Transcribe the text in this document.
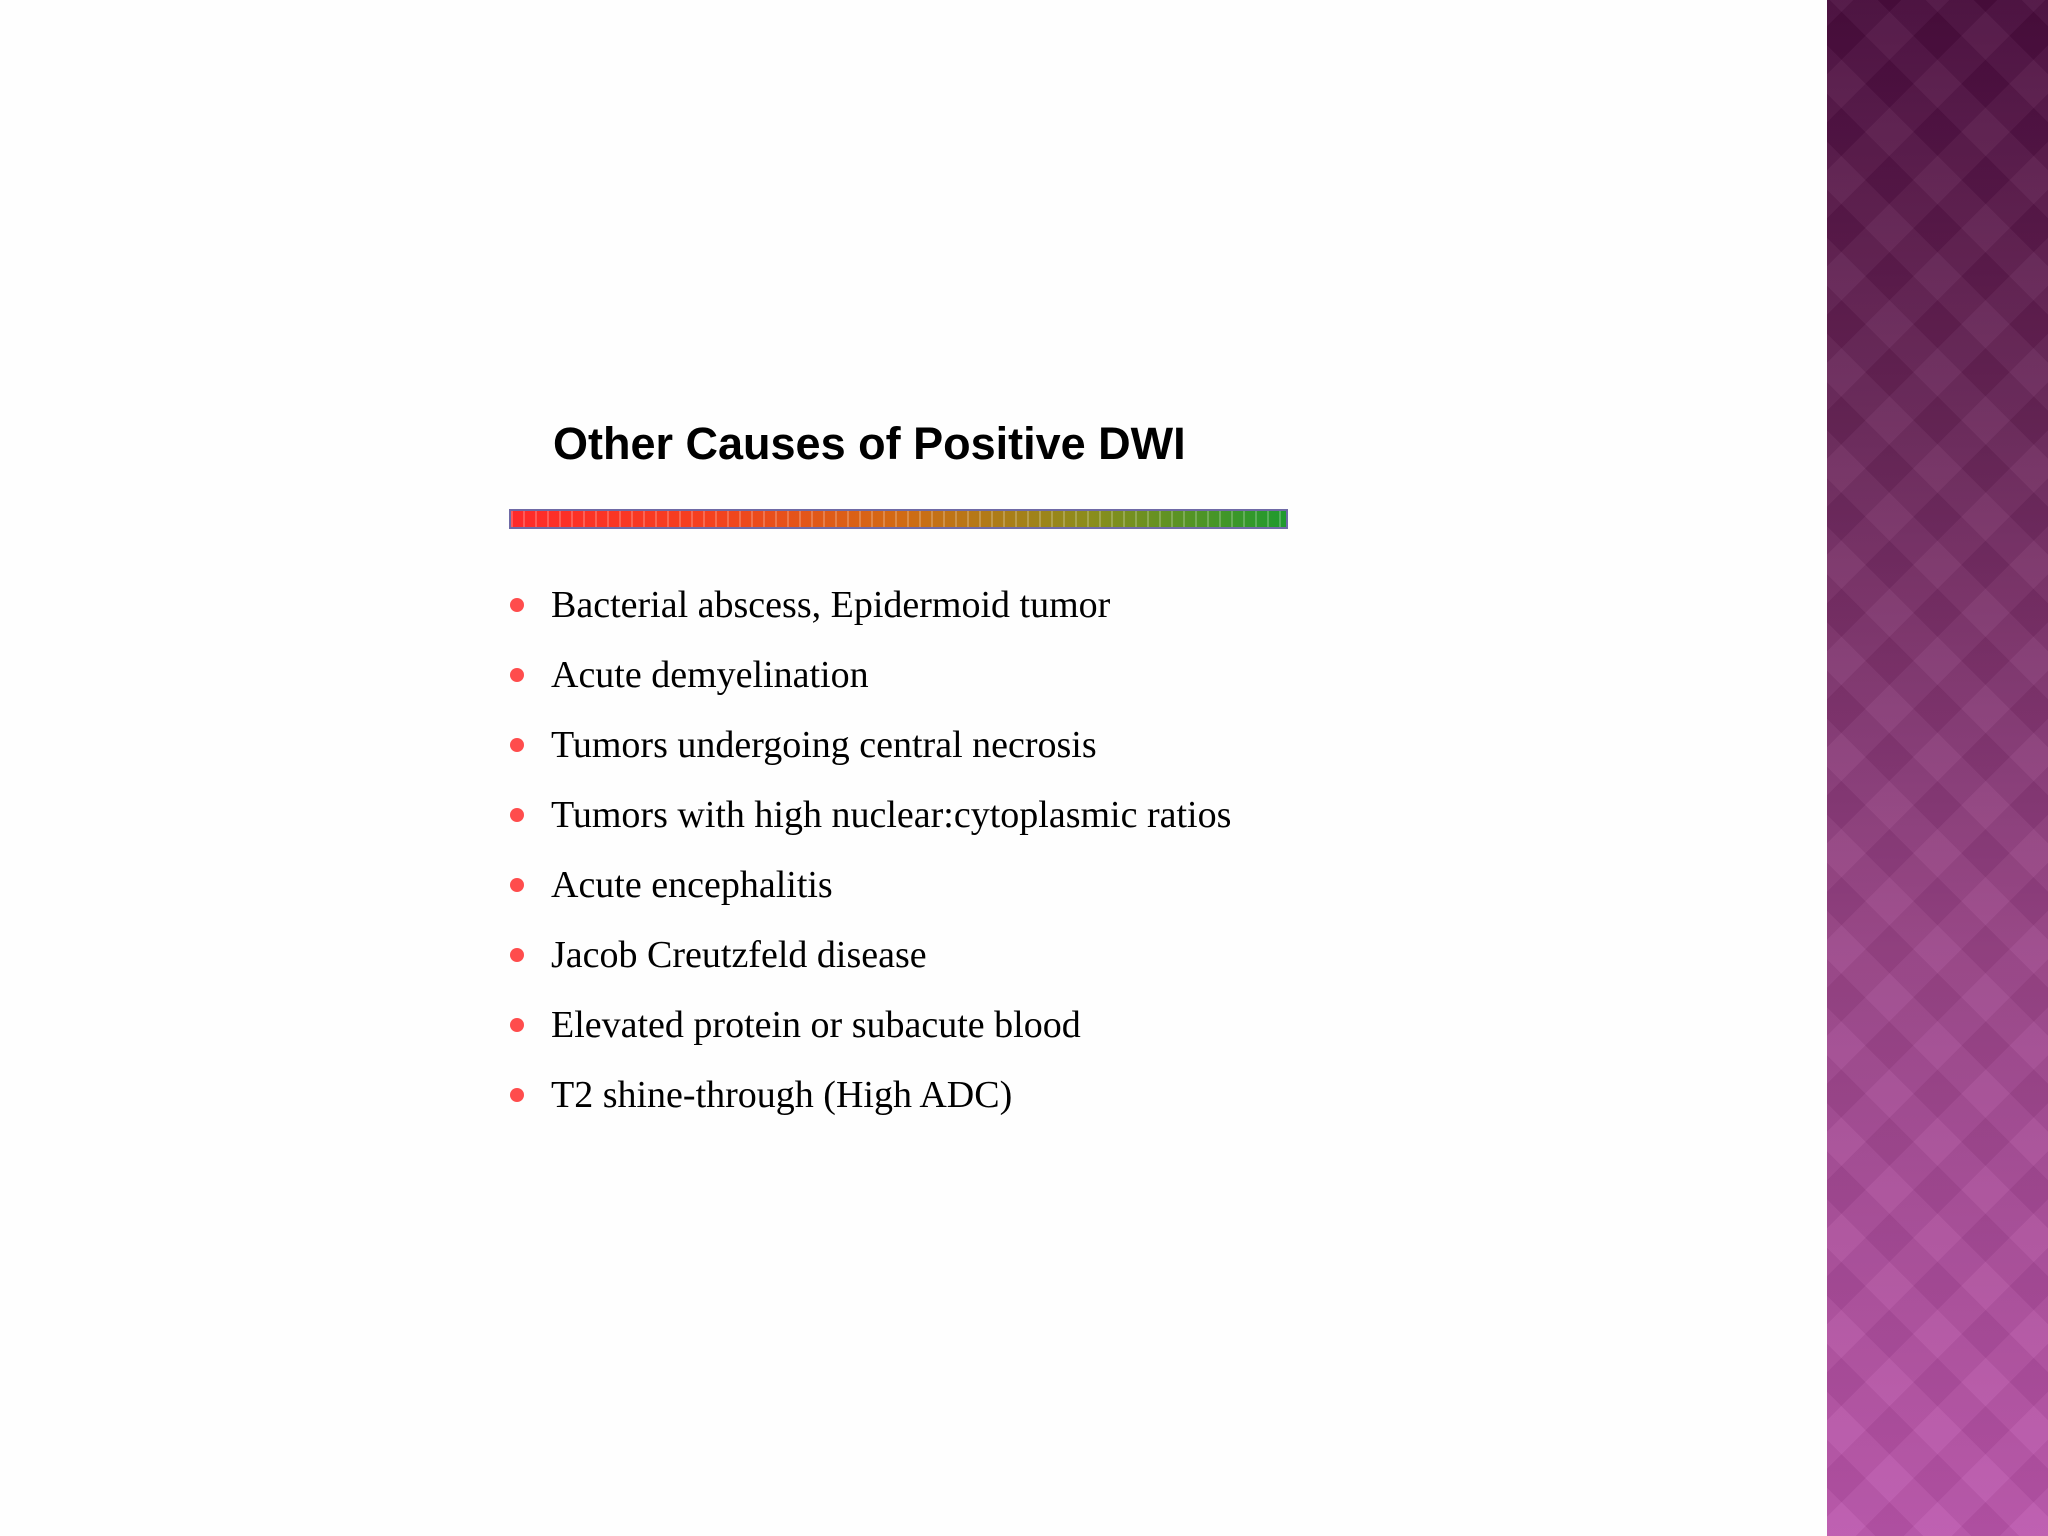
Other Causes of Positive DWI
Bacterial abscess, Epidermoid tumor
Acute demyelination
Tumors undergoing central necrosis
Tumors with high nuclear:cytoplasmic ratios
Acute encephalitis
Jacob Creutzfeld disease
Elevated protein or subacute blood
T2 shine-through (High ADC)
